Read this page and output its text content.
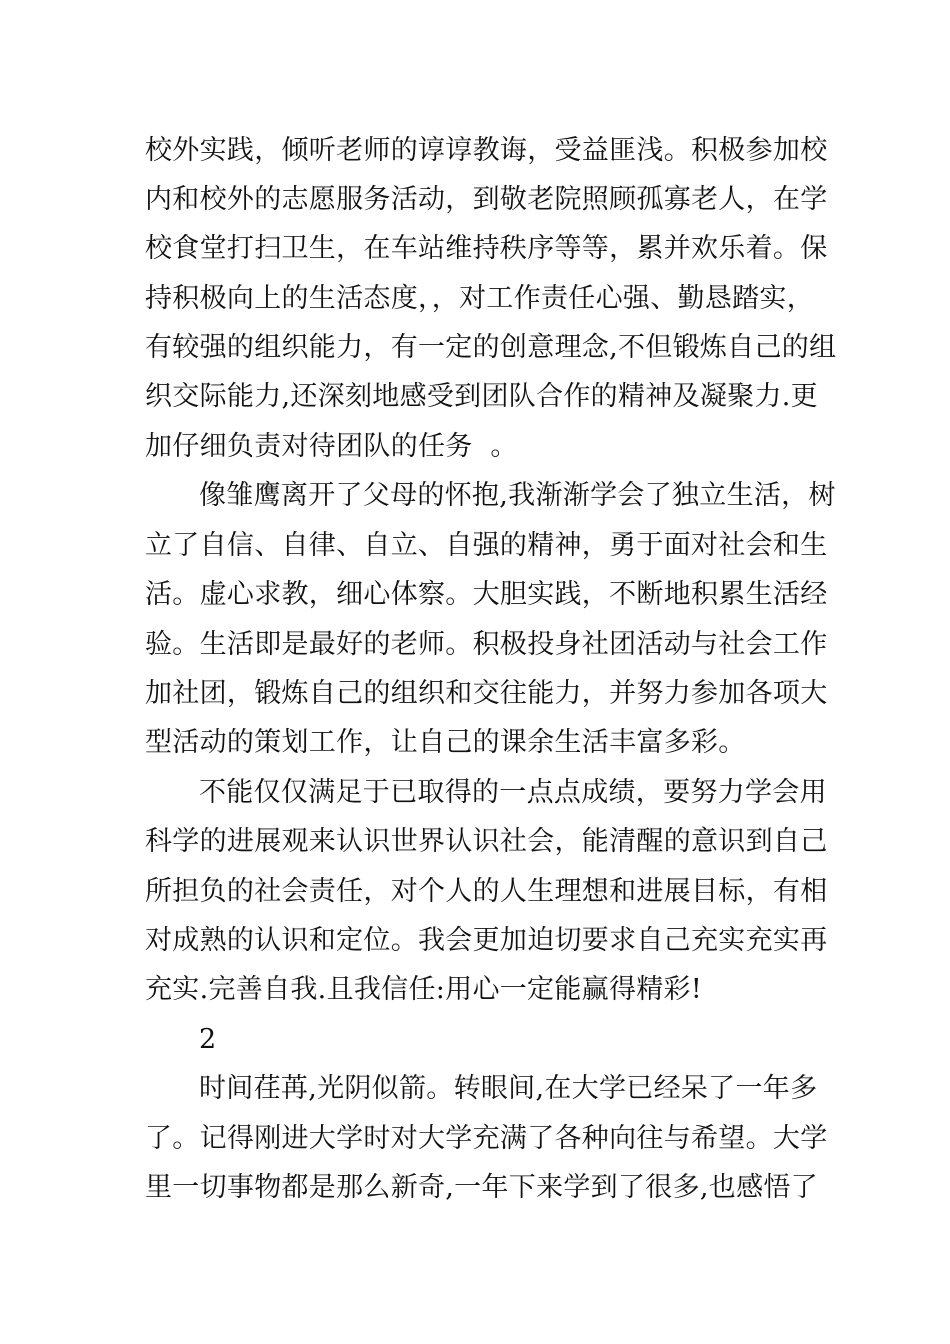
校外实践，倾听老师的谆谆教诲，受益匪浅。积极参加校
内和校外的志愿服务活动，到敬老院照顾孤寡老人，在学
校食堂打扫卫生，在车站维持秩序等等，累并欢乐着。保
持积极向上的生活态度，，对工作责任心强、勤恳踏实，
有较强的组织能力，有一定的创意理念,不但锻炼自己的组
织交际能力,还深刻地感受到团队合作的精神及凝聚力.更
加仔细负责对待团队的任务  。
像雏鹰离开了父母的怀抱,我渐渐学会了独立生活，树
立了自信、自律、自立、自强的精神，勇于面对社会和生
活。虚心求教，细心体察。大胆实践，不断地积累生活经
验。生活即是最好的老师。积极投身社团活动与社会工作
加社团，锻炼自己的组织和交往能力，并努力参加各项大
型活动的策划工作，让自己的课余生活丰富多彩。
不能仅仅满足于已取得的一点点成绩，要努力学会用
科学的进展观来认识世界认识社会，能清醒的意识到自己
所担负的社会责任，对个人的人生理想和进展目标，有相
对成熟的认识和定位。我会更加迫切要求自己充实充实再
充实.完善自我.且我信任:用心一定能赢得精彩!
2
时间荏苒,光阴似箭。转眼间,在大学已经呆了一年多
了。记得刚进大学时对大学充满了各种向往与希望。大学
里一切事物都是那么新奇,一年下来学到了很多,也感悟了
